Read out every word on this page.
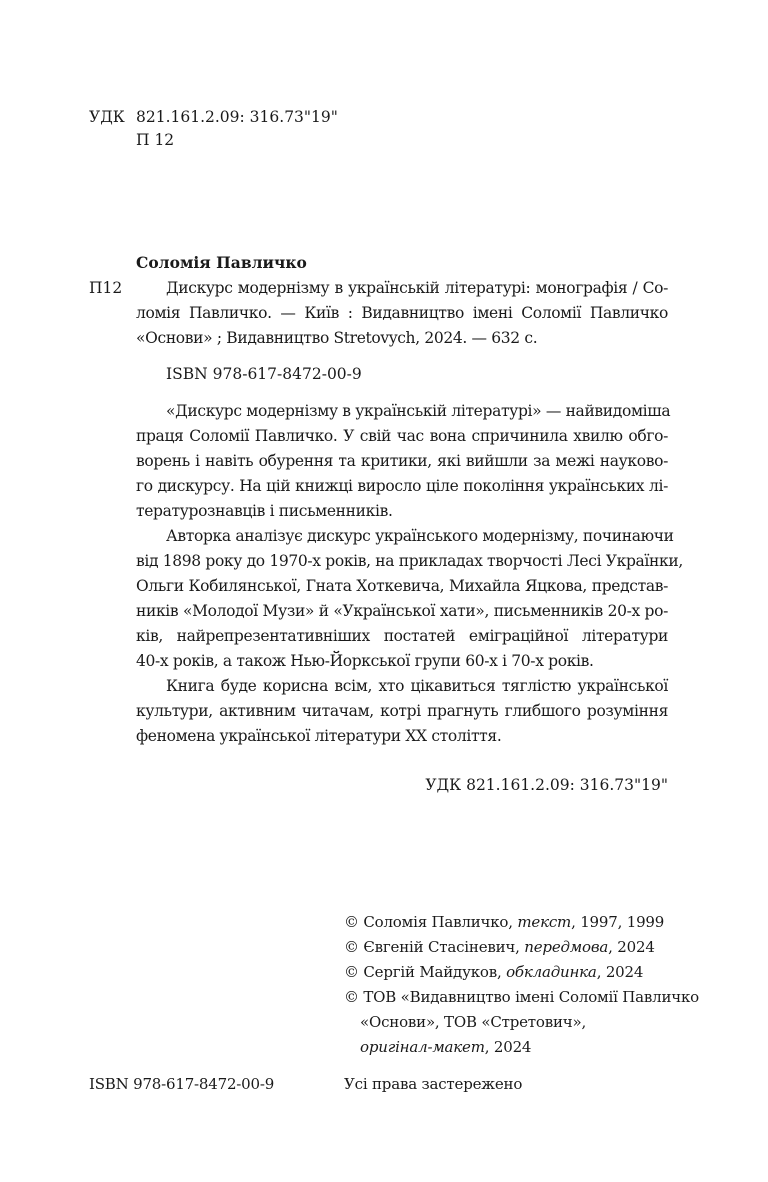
УДК 821.161.2.09: 316.73"19"
П 12
Соломія Павличко
П12	Дискурс модернізму в українській літературі: монографія / Со-
ломія Павличко. — Київ : Видавництво імені Соломії Павличко
«Основи» ; Видавництво Stretovych, 2024. — 632 с.
ISBN 978-617-8472-00-9
«Дискурс модернізму в українській літературі» — найвидоміша
праця Соломії Павличко. У свій час вона спричинила хвилю обго-
ворень і навіть обурення та критики, які вийшли за межі науково-
го дискурсу. На цій книжці виросло ціле покоління українських лі-
тературознавців і письменників.
Авторка аналізує дискурс українського модернізму, починаючи
від 1898 року до 1970-х років, на прикладах творчості Лесі Українки,
Ольги Кобилянської, Гната Хоткевича, Михайла Яцкова, представ-
ників «Молодої Музи» й «Української хати», письменників 20-х ро-
ків, найрепрезентативніших постатей еміграційної літератури
40-х років, а також Нью-Йоркської групи 60-х і 70-х років.
Книга буде корисна всім, хто цікавиться тяглістю української
культури, активним читачам, котрі прагнуть глибшого розуміння
феномена української літератури ХХ століття.
УДК 821.161.2.09: 316.73"19"
© Соломія Павличко, текст, 1997, 1999
© Євгеній Стасіневич, передмова, 2024
© Сергій Майдуков, обкладинка, 2024
© ТОВ «Видавництво імені Соломії Павличко
«Основи», ТОВ «Стретович»,
оригінал-макет, 2024
ISBN 978-617-8472-00-9	Усі права застережено
